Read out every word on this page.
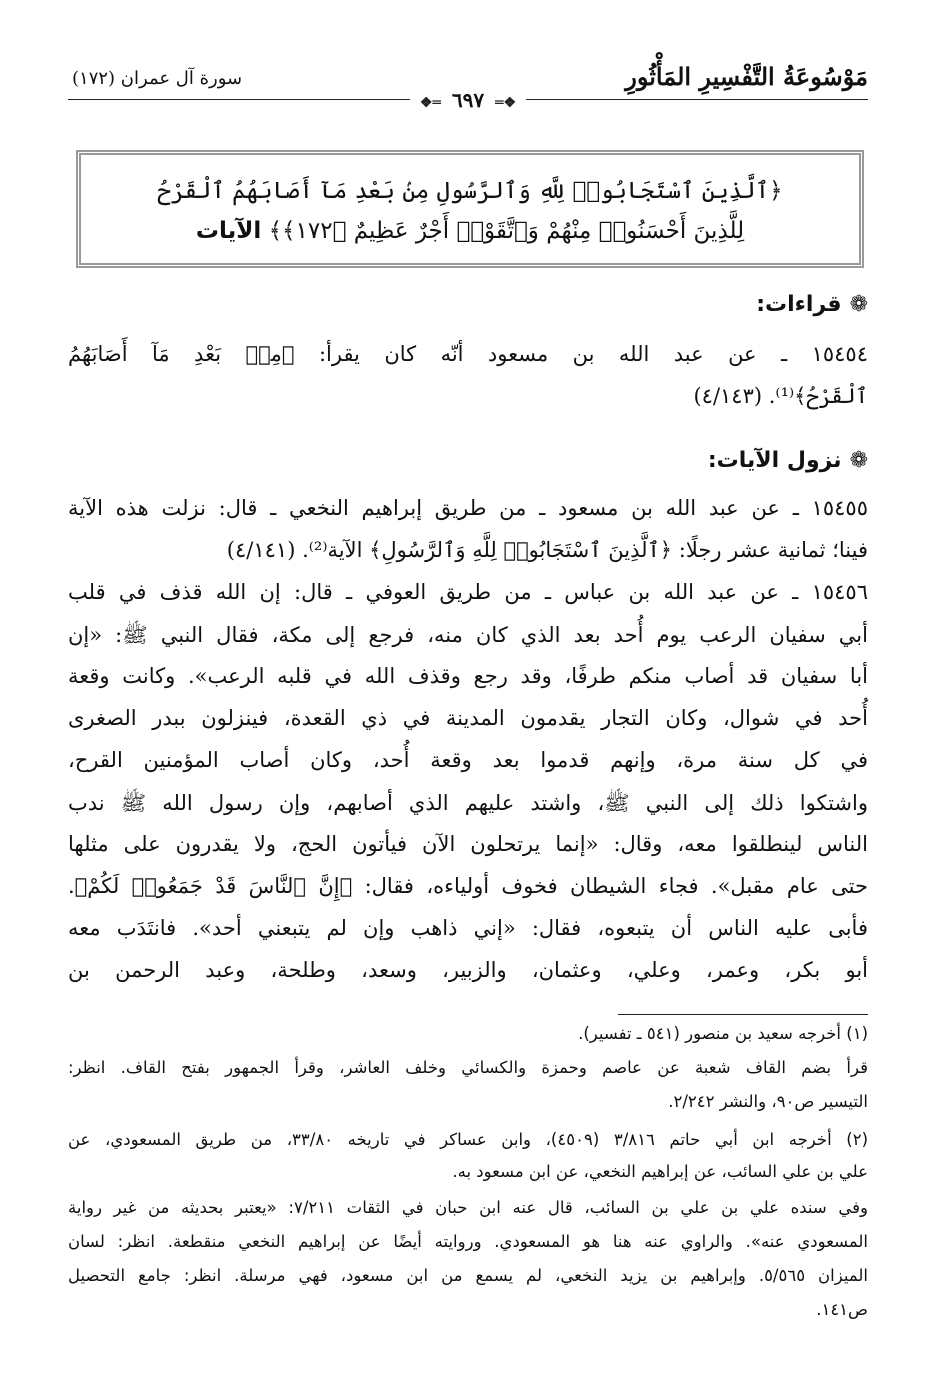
مَوْسُوعَةُ التَّفْسِيرِ المَأْثُورِ
سورة آل عمران (١٧٢)
❖═ ٦٩٧ ═❖
﴿ٱلَّذِينَ ٱسْتَجَابُوا۟ لِلَّهِ وَٱلرَّسُولِ مِنۢ بَعْدِ مَآ أَصَابَهُمُ ٱلْقَرْحُ
لِلَّذِينَ أَحْسَنُوا۟ مِنْهُمْ وَٱتَّقَوْا۟ أَجْرٌ عَظِيمٌ ﴿١٧٢﴾﴾ الآيات
❁قراءات:
١٥٤٥٤ ـ عن عبد الله بن مسعود أنّه كان يقرأ: ﴿مِنۢ بَعْدِ مَآ أَصَابَهُمُ
ٱلْقَرْحُ﴾⁽¹⁾. (٤/١٤٣)
❁نزول الآيات:
١٥٤٥٥ ـ عن عبد الله بن مسعود ـ من طريق إبراهيم النخعي ـ قال: نزلت هذه الآية
فينا؛ ثمانية عشر رجلًا: ﴿ٱلَّذِينَ ٱسْتَجَابُوا۟ لِلَّهِ وَٱلرَّسُولِ﴾ الآية⁽²⁾. (٤/١٤١)
١٥٤٥٦ ـ عن عبد الله بن عباس ـ من طريق العوفي ـ قال: إن الله قذف في قلب
أبي سفيان الرعب يوم أُحد بعد الذي كان منه، فرجع إلى مكة، فقال النبي ﷺ: «إن
أبا سفيان قد أصاب منكم طرفًا، وقد رجع وقذف الله في قلبه الرعب». وكانت وقعة
أُحد في شوال، وكان التجار يقدمون المدينة في ذي القعدة، فينزلون ببدر الصغرى
في كل سنة مرة، وإنهم قدموا بعد وقعة أُحد، وكان أصاب المؤمنين القرح،
واشتكوا ذلك إلى النبي ﷺ، واشتد عليهم الذي أصابهم، وإن رسول الله ﷺ ندب
الناس لينطلقوا معه، وقال: «إنما يرتحلون الآن فيأتون الحج، ولا يقدرون على مثلها
حتى عام مقبل». فجاء الشيطان فخوف أولياءه، فقال: ﴿إِنَّ ٱلنَّاسَ قَدْ جَمَعُوا۟ لَكُمْ﴾.
فأبى عليه الناس أن يتبعوه، فقال: «إني ذاهب وإن لم يتبعني أحد». فانتَدَب معه
أبو بكر، وعمر، وعلي، وعثمان، والزبير، وسعد، وطلحة، وعبد الرحمن بن
(١) أخرجه سعيد بن منصور (٥٤١ ـ تفسير).
قرأ بضم القاف شعبة عن عاصم وحمزة والكسائي وخلف العاشر، وقرأ الجمهور بفتح القاف. انظر:
التيسير ص٩٠، والنشر ٢/٢٤٢.
(٢) أخرجه ابن أبي حاتم ٣/٨١٦ (٤٥٠٩)، وابن عساكر في تاريخه ٣٣/٨٠، من طريق المسعودي، عن
علي بن علي السائب، عن إبراهيم النخعي، عن ابن مسعود به.
وفي سنده علي بن علي بن السائب، قال عنه ابن حبان في الثقات ٧/٢١١: «يعتبر بحديثه من غير رواية
المسعودي عنه». والراوي عنه هنا هو المسعودي. وروايته أيضًا عن إبراهيم النخعي منقطعة. انظر: لسان
الميزان ٥/٥٦٥. وإبراهيم بن يزيد النخعي، لم يسمع من ابن مسعود، فهي مرسلة. انظر: جامع التحصيل
ص١٤١.
